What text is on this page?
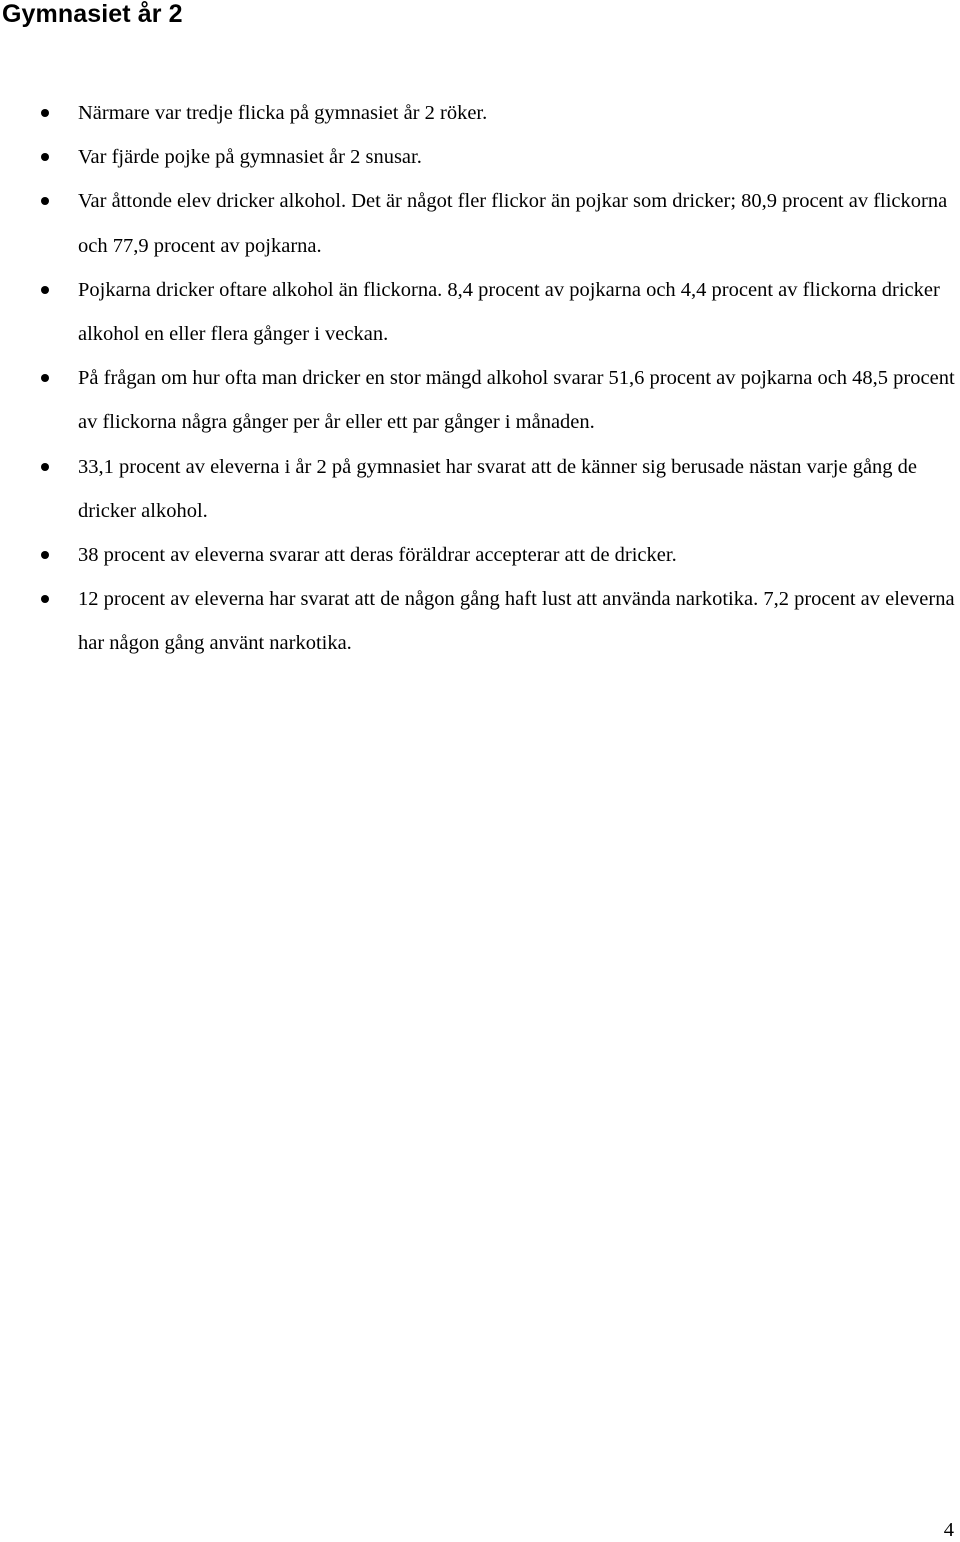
Gymnasiet år 2
Närmare var tredje flicka på gymnasiet år 2 röker.
Var fjärde pojke på gymnasiet år 2 snusar.
Var åttonde elev dricker alkohol. Det är något fler flickor än pojkar som dricker; 80,9 procent av flickorna och 77,9 procent av pojkarna.
Pojkarna dricker oftare alkohol än flickorna. 8,4 procent av pojkarna och 4,4 procent av flickorna dricker alkohol en eller flera gånger i veckan.
På frågan om hur ofta man dricker en stor mängd alkohol svarar 51,6 procent av pojkarna och 48,5 procent av flickorna några gånger per år eller ett par gånger i månaden.
33,1 procent av eleverna i år 2 på gymnasiet har svarat att de känner sig berusade nästan varje gång de dricker alkohol.
38 procent av eleverna svarar att deras föräldrar accepterar att de dricker.
12 procent av eleverna har svarat att de någon gång haft lust att använda narkotika. 7,2 procent av eleverna har någon gång använt narkotika.

4
